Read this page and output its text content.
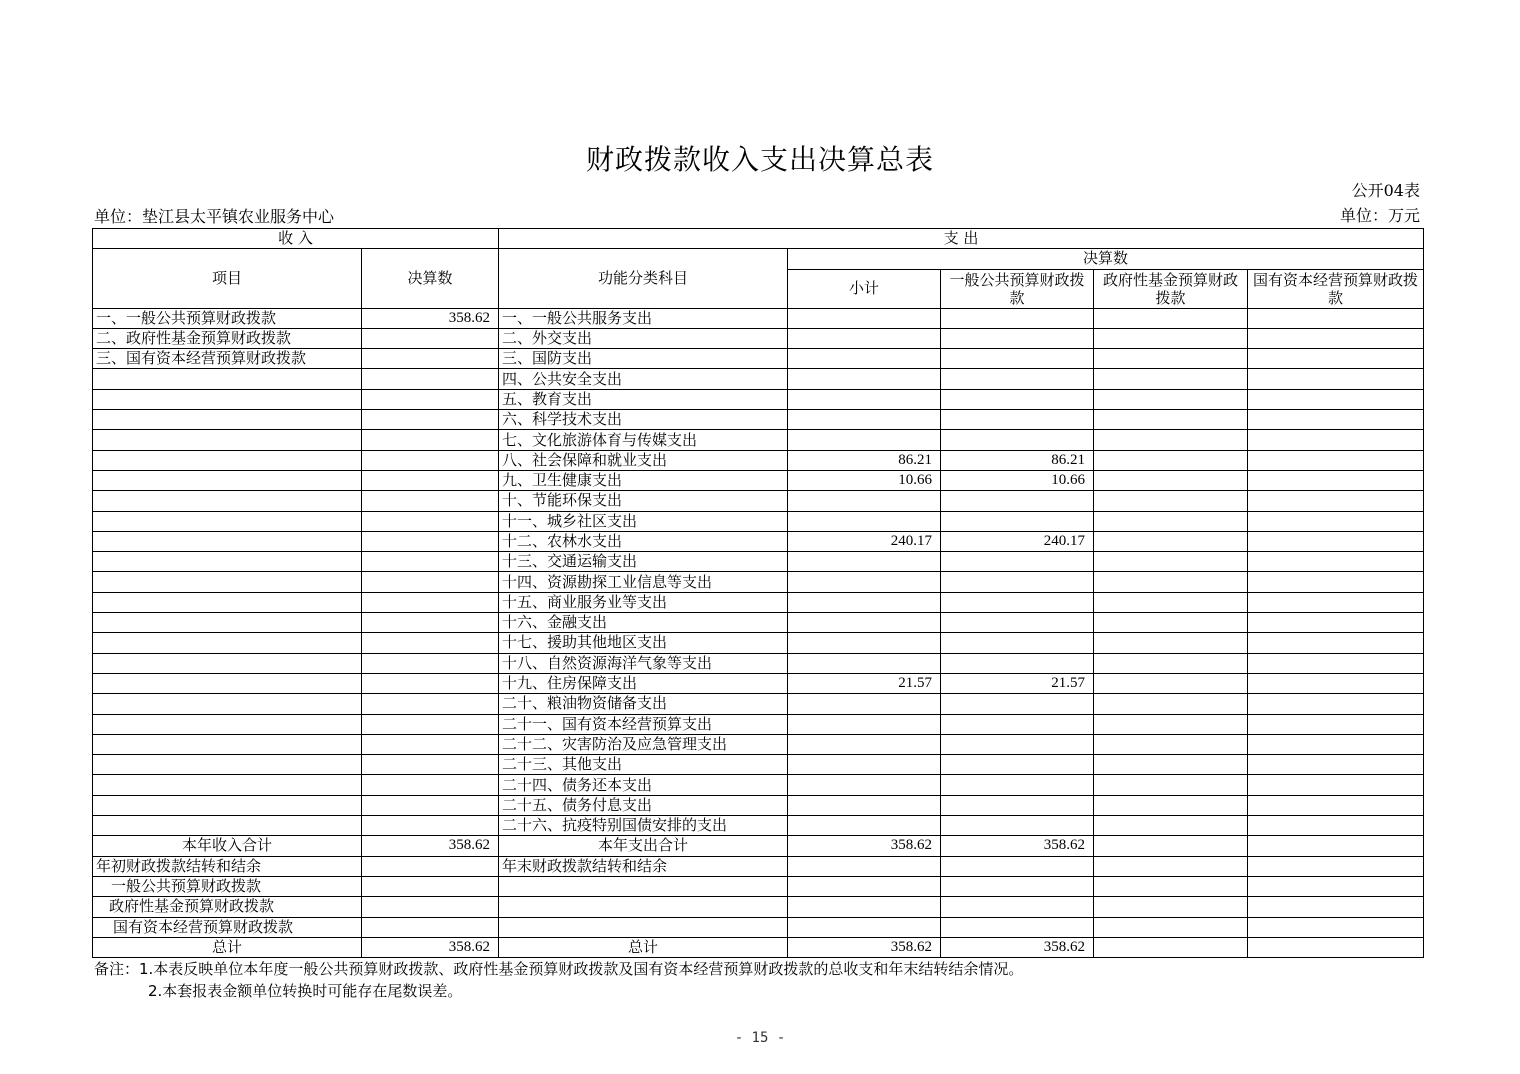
财政拨款收入支出决算总表
公开04表
单位：垫江县太平镇农业服务中心	单位：万元
收 入		支 出				
项目	决算数	功能分类科目	决算数			
			小计	一般公共预算财政拨款	政府性基金预算财政拨款	国有资本经营预算财政拨款
一、一般公共预算财政拨款	358.62	一、一般公共服务支出				
二、政府性基金预算财政拨款		二、外交支出				
三、国有资本经营预算财政拨款		三、国防支出				
		四、公共安全支出				
		五、教育支出				
		六、科学技术支出				
		七、文化旅游体育与传媒支出				
		八、社会保障和就业支出	86.21	86.21		
		九、卫生健康支出	10.66	10.66		
		十、节能环保支出				
		十一、城乡社区支出				
		十二、农林水支出	240.17	240.17		
		十三、交通运输支出				
		十四、资源勘探工业信息等支出				
		十五、商业服务业等支出				
		十六、金融支出				
		十七、援助其他地区支出				
		十八、自然资源海洋气象等支出				
		十九、住房保障支出	21.57	21.57		
		二十、粮油物资储备支出				
		二十一、国有资本经营预算支出				
		二十二、灾害防治及应急管理支出				
		二十三、其他支出				
		二十四、债务还本支出				
		二十五、债务付息支出				
		二十六、抗疫特别国债安排的支出				
本年收入合计	358.62	本年支出合计	358.62	358.62		
年初财政拨款结转和结余		年末财政拨款结转和结余				
一般公共预算财政拨款						
政府性基金预算财政拨款						
国有资本经营预算财政拨款						
总计	358.62	总计	358.62	358.62		
备注：1.本表反映单位本年度一般公共预算财政拨款、政府性基金预算财政拨款及国有资本经营预算财政拨款的总收支和年末结转结余情况。
2.本套报表金额单位转换时可能存在尾数误差。
- 15 -
